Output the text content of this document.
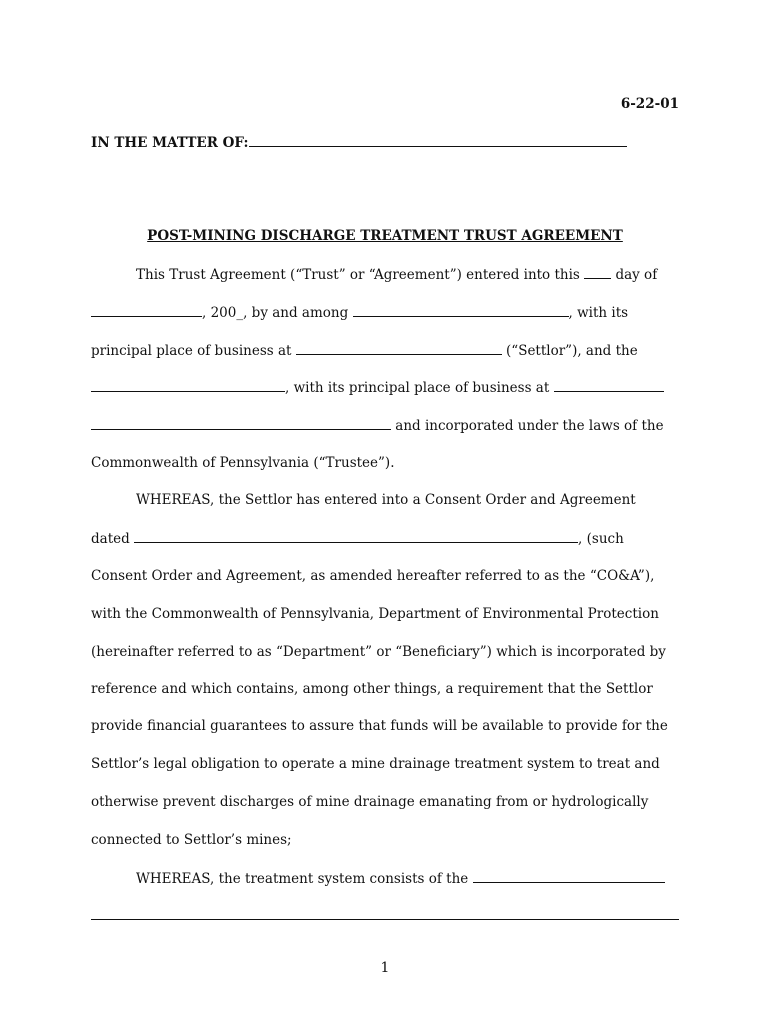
6-22-01
IN THE MATTER OF:
POST-MINING DISCHARGE TREATMENT TRUST AGREEMENT
This Trust Agreement (“Trust” or “Agreement”) entered into this	day of
, 200_, by and among	, with its
principal place of business at	(“Settlor”), and the
, with its principal place of business at
and incorporated under the laws of the
Commonwealth of Pennsylvania (“Trustee”).
WHEREAS, the Settlor has entered into a Consent Order and Agreement
dated	, (such
Consent Order and Agreement, as amended hereafter referred to as the “CO&A”),
with the Commonwealth of Pennsylvania, Department of Environmental Protection
(hereinafter referred to as “Department” or “Beneficiary”) which is incorporated by
reference and which contains, among other things, a requirement that the Settlor
provide financial guarantees to assure that funds will be available to provide for the
Settlor’s legal obligation to operate a mine drainage treatment system to treat and
otherwise prevent discharges of mine drainage emanating from or hydrologically
connected to Settlor’s mines;
WHEREAS, the treatment system consists of the
1
